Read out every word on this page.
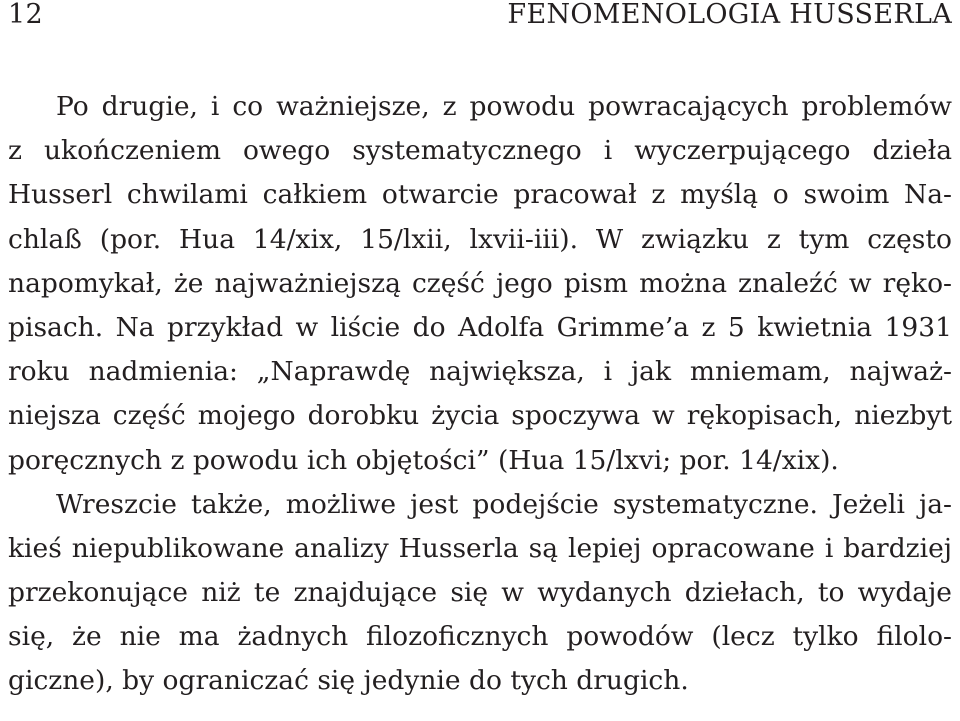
12	FENOMENOLOGIA HUSSERLA
Po drugie, i co ważniejsze, z powodu powracających problemów
z ukończeniem owego systematycznego i wyczerpującego dzieła
Husserl chwilami całkiem otwarcie pracował z myślą o swoim Na-
chlaß (por. Hua 14/xix, 15/lxii, lxvii-iii). W związku z tym często
napomykał, że najważniejszą część jego pism można znaleźć w ręko-
pisach. Na przykład w liście do Adolfa Grimme’a z 5 kwietnia 1931
roku nadmienia: „Naprawdę największa, i jak mniemam, najważ-
niejsza część mojego dorobku życia spoczywa w rękopisach, niezbyt
poręcznych z powodu ich objętości” (Hua 15/lxvi; por. 14/xix).
Wreszcie także, możliwe jest podejście systematyczne. Jeżeli ja-
kieś niepublikowane analizy Husserla są lepiej opracowane i bardziej
przekonujące niż te znajdujące się w wydanych dziełach, to wydaje
się, że nie ma żadnych filozoficznych powodów (lecz tylko filolo-
giczne), by ograniczać się jedynie do tych drugich.
